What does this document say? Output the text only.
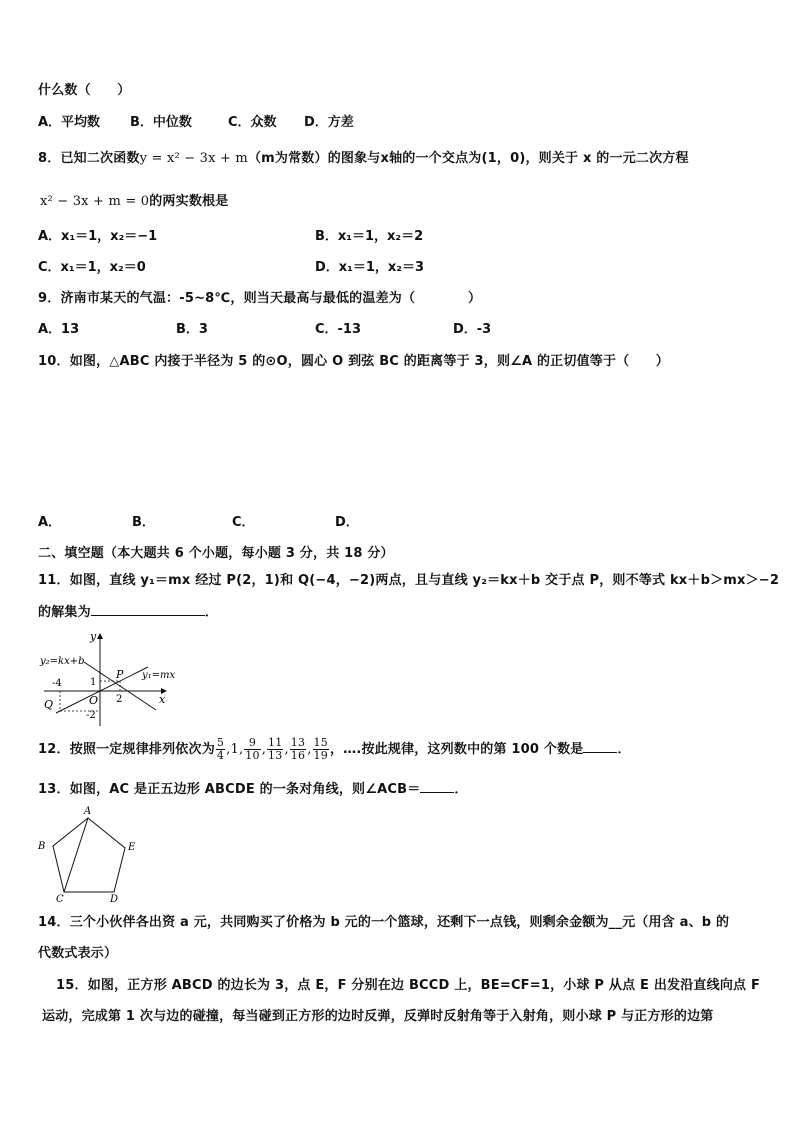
什么数（　　）
A．平均数 B．中位数	C．众数 D．方差
8．已知二次函数y = x² − 3x + m（m为常数）的图象与x轴的一个交点为(1，0)，则关于 x 的一元二次方程
x² − 3x + m = 0的两实数根是
A．x₁＝1，x₂＝−1	B．x₁＝1，x₂＝2
C．x₁＝1，x₂＝0	D．x₁＝1，x₂＝3
9．济南市某天的气温：-5~8℃，则当天最高与最低的温差为（　　　　）
A．13	B．3	C．-13	D．-3
10．如图，△ABC 内接于半径为 5 的⊙O，圆心 O 到弦 BC 的距离等于 3，则∠A 的正切值等于（　　）
A．	B．	C．	D．
二、填空题（本大题共 6 个小题，每小题 3 分，共 18 分）
11．如图，直线 y₁＝mx 经过 P(2，1)和 Q(−4，−2)两点，且与直线 y₂＝kx＋b 交于点 P，则不等式 kx＋b＞mx＞−2
的解集为	．
y
x
y₂=kx+b
y₁=mx
P
Q	O
-4	1
2
-2
12．按照一定规律排列依次为 $\frac{5}{4} ,1$, $\frac{9}{10}$ , $\frac{11}{13}$ , $\frac{13}{16}$ , $\frac{15}{19}$ ，….按此规律，这列数中的第 100 个数是	．
13．如图，AC 是正五边形 ABCDE 的一条对角线，则∠ACB＝	．
A
B
C	D
E
14．三个小伙伴各出资 a 元，共同购买了价格为 b 元的一个篮球，还剩下一点钱，则剩余金额为__元（用含 a、b 的
代数式表示）
15．如图，正方形 ABCD 的边长为 3，点 E，F 分别在边 BCCD 上，BE=CF=1，小球 P 从点 E 出发沿直线向点 F
运动，完成第 1 次与边的碰撞，每当碰到正方形的边时反弹，反弹时反射角等于入射角，则小球 P 与正方形的边第
